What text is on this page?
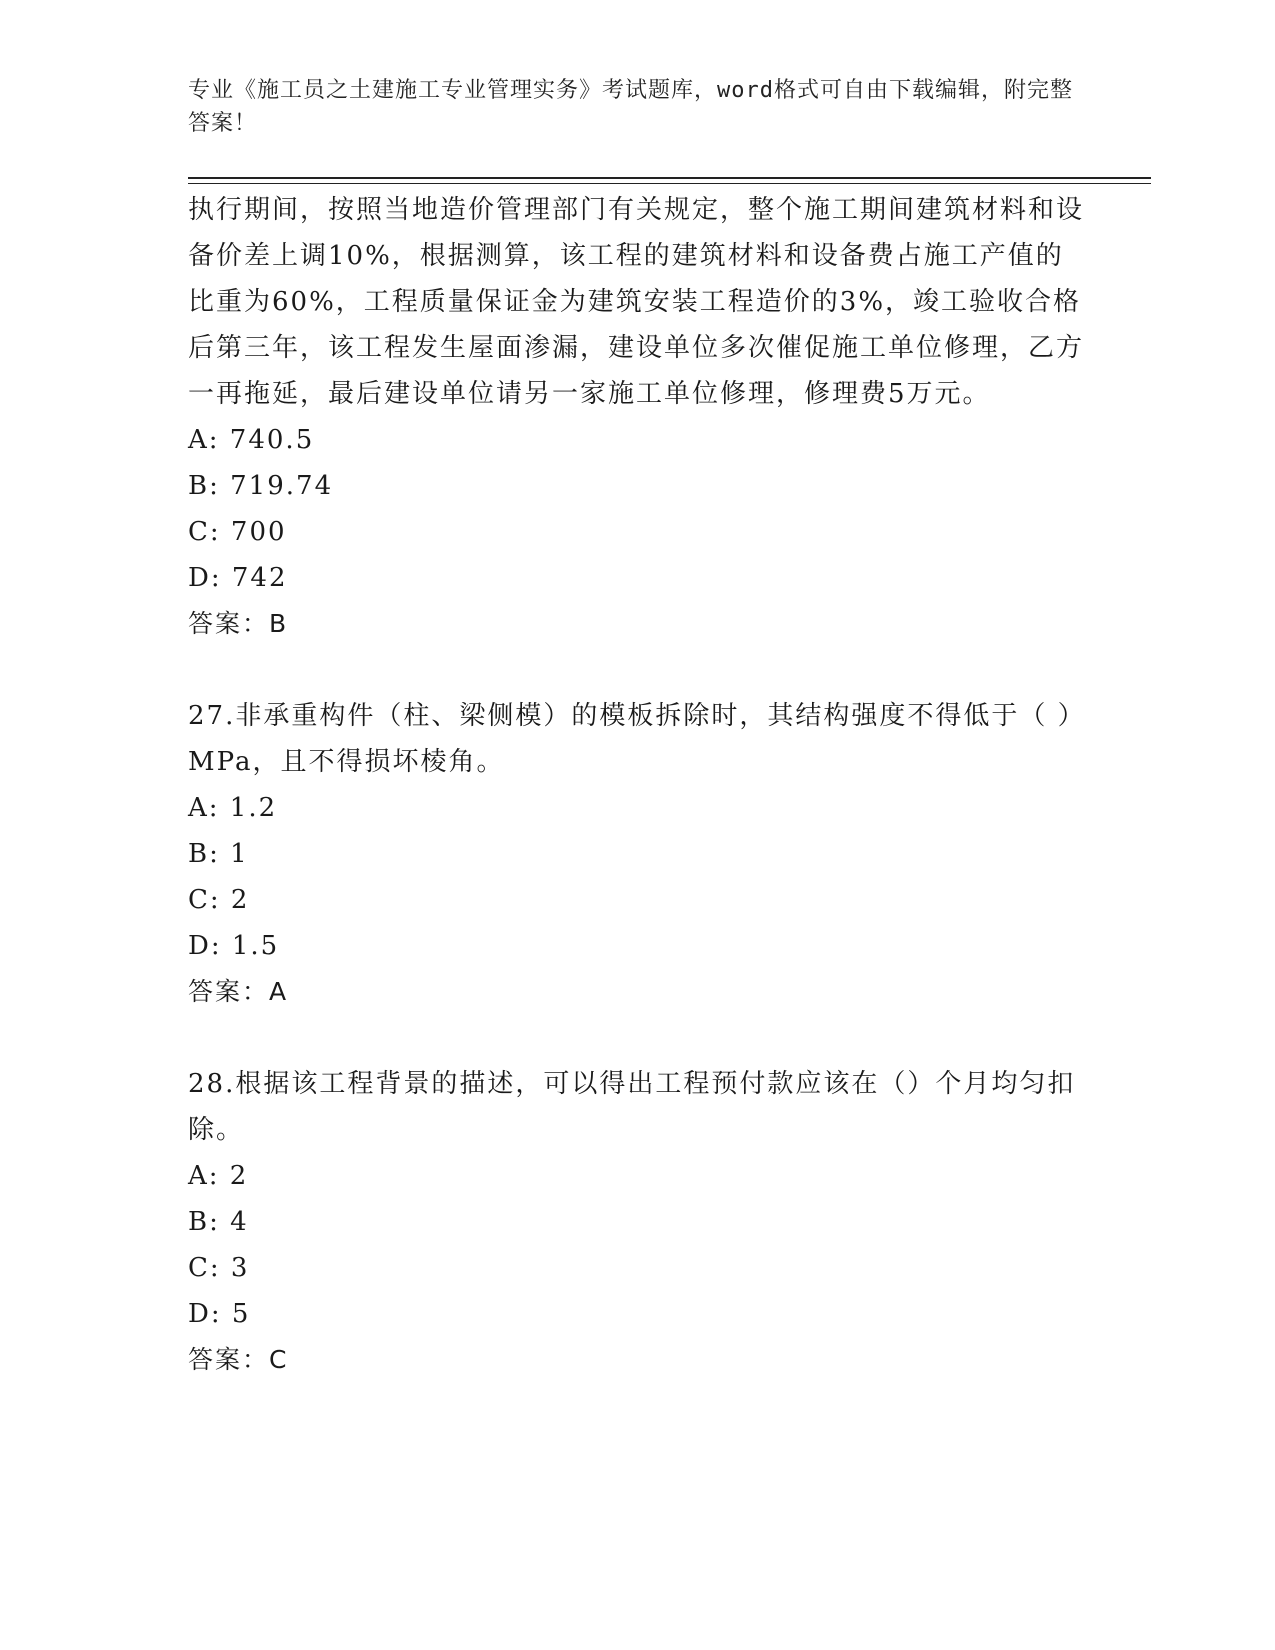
专业《施工员之土建施工专业管理实务》考试题库，word格式可自由下载编辑，附完整答案！

执行期间，按照当地造价管理部门有关规定，整个施工期间建筑材料和设备价差上调10%，根据测算，该工程的建筑材料和设备费占施工产值的比重为60%，工程质量保证金为建筑安装工程造价的3%，竣工验收合格后第三年，该工程发生屋面渗漏，建设单位多次催促施工单位修理，乙方一再拖延，最后建设单位请另一家施工单位修理，修理费5万元。

A: 740.5

B: 719.74

C: 700

D: 742

答案：B

27.非承重构件（柱、梁侧模）的模板拆除时，其结构强度不得低于（ ）MPa，且不得损坏棱角。

A: 1.2

B: 1

C: 2

D: 1.5

答案：A

28.根据该工程背景的描述，可以得出工程预付款应该在（）个月均匀扣除。

A: 2

B: 4

C: 3

D: 5

答案：C
